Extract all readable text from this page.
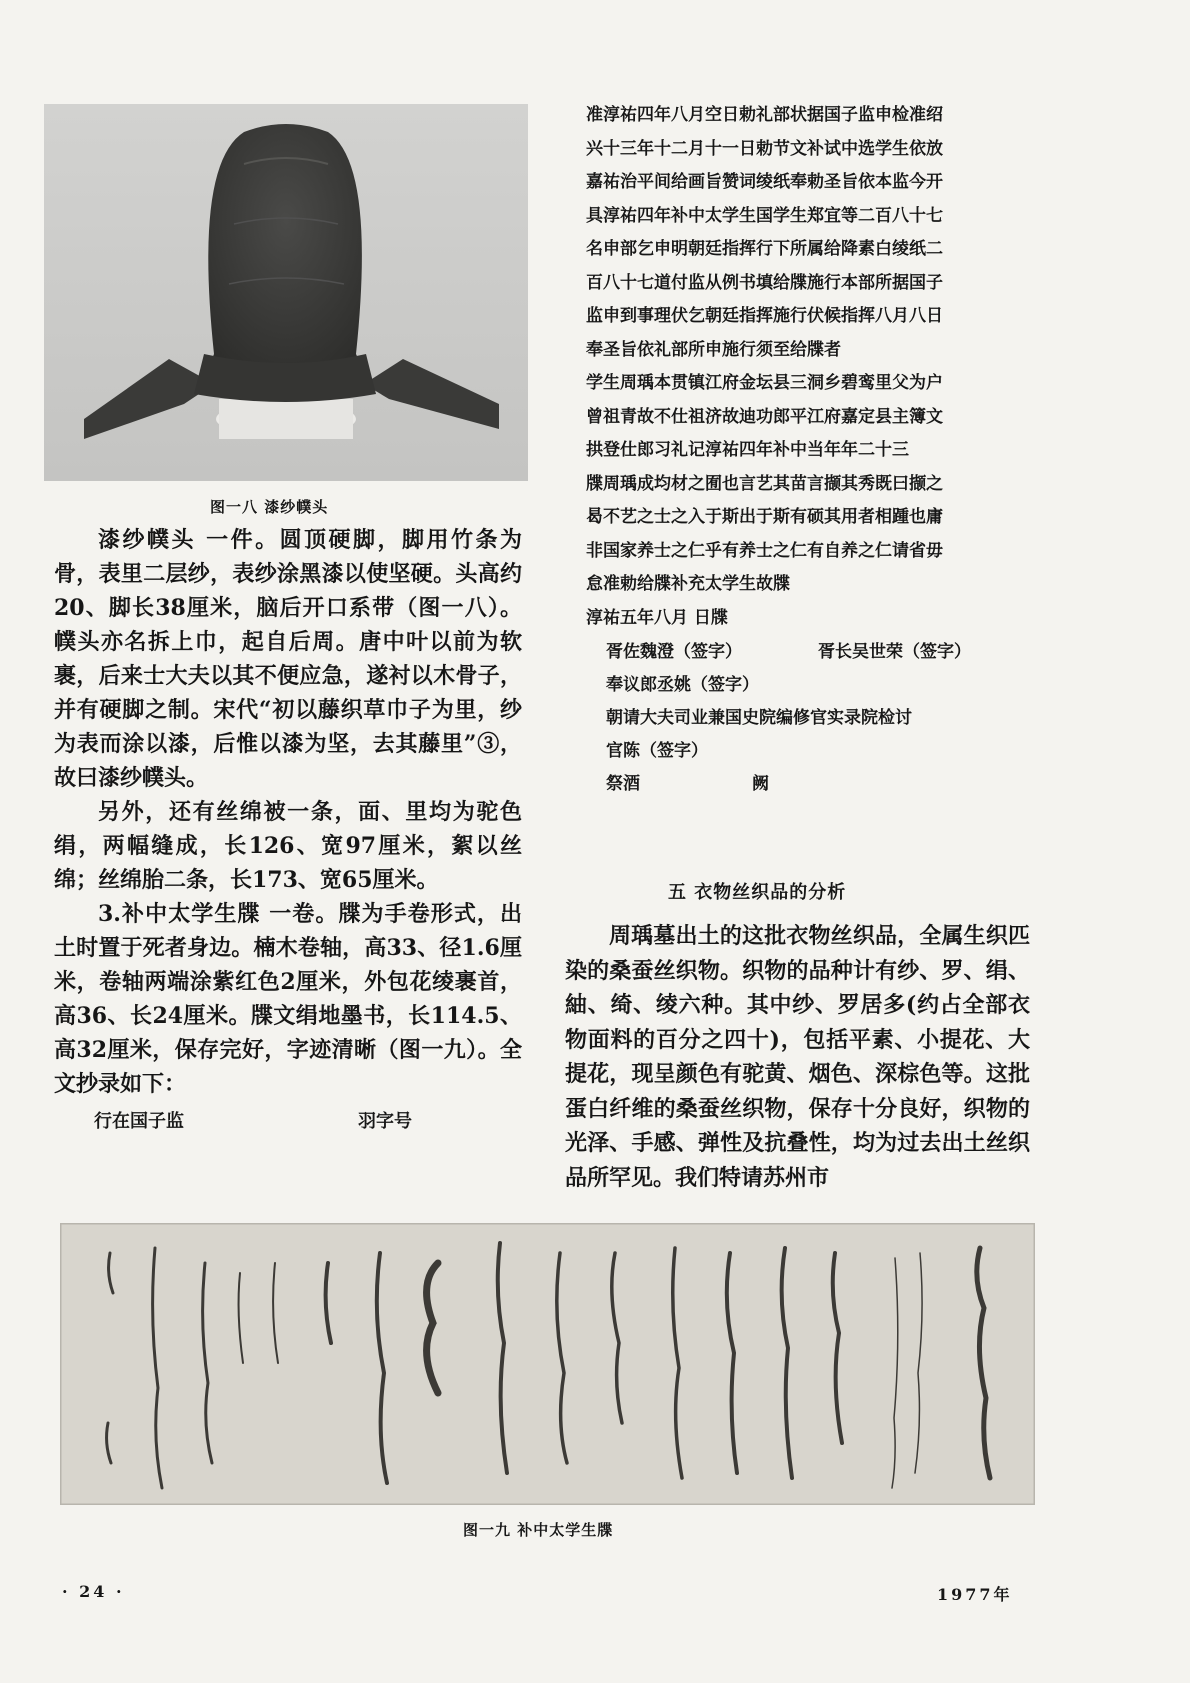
图一八 漆纱幞头

漆纱幞头 一件。圆顶硬脚，脚用竹条为骨，表里二层纱，表纱涂黑漆以使坚硬。头高约20、脚长38厘米，脑后开口系带（图一八）。幞头亦名拆上巾，起自后周。唐中叶以前为软裹，后来士大夫以其不便应急，遂衬以木骨子，并有硬脚之制。宋代“初以藤织草巾子为里，纱为表而涂以漆，后惟以漆为坚，去其藤里”③，故曰漆纱幞头。

另外，还有丝绵被一条，面、里均为驼色绢，两幅缝成，长126、宽97厘米，絮以丝绵；丝绵胎二条，长173、宽65厘米。

3.补中太学生牒 一卷。牒为手卷形式，出土时置于死者身边。楠木卷轴，高33、径1.6厘米，卷轴两端涂紫红色2厘米，外包花绫裹首，高36、长24厘米。牒文绢地墨书，长114.5、高32厘米，保存完好，字迹清晰（图一九）。全文抄录如下：

行在国子监	羽字号
准淳祐四年八月空日勅礼部状据国子监申检准绍
兴十三年十二月十一日勅节文补试中选学生依放
嘉祐治平间给画旨赞词绫纸奉勅圣旨依本监今开
具淳祐四年补中太学生国学生郑宜等二百八十七
名申部乞申明朝廷指挥行下所属给降素白绫纸二
百八十七道付监从例书填给牒施行本部所据国子
监申到事理伏乞朝廷指挥施行伏候指挥八月八日
奉圣旨依礼部所申施行须至给牒者
学生周瑀本贯镇江府金坛县三洞乡碧鸾里父为户
曾祖青故不仕祖济故迪功郎平江府嘉定县主簿文
拱登仕郎习礼记淳祐四年补中当年年二十三
牒周瑀成均材之囿也言艺其苗言撷其秀既曰撷之
曷不艺之士之入于斯出于斯有硕其用者相踵也庸
非国家养士之仁乎有养士之仁有自养之仁请省毋
怠准勅给牒补充太学生故牒
淳祐五年八月 日牒
胥佐魏澄（签字）	胥长吴世荣（签字）
奉议郎丞姚（签字）
朝请大夫司业兼国史院编修官实录院检讨
官陈（签字）
祭酒	阙
五 衣物丝织品的分析

周瑀墓出土的这批衣物丝织品，全属生织匹染的桑蚕丝织物。织物的品种计有纱、罗、绢、紬、绮、绫六种。其中纱、罗居多(约占全部衣物面料的百分之四十)，包括平素、小提花、大提花，现呈颜色有驼黄、烟色、深棕色等。这批蛋白纤维的桑蚕丝织物，保存十分良好，织物的光泽、手感、弹性及抗叠性，均为过去出土丝织品所罕见。我们特请苏州市

图一九 补中太学生牒
· 24 ·	1977年
